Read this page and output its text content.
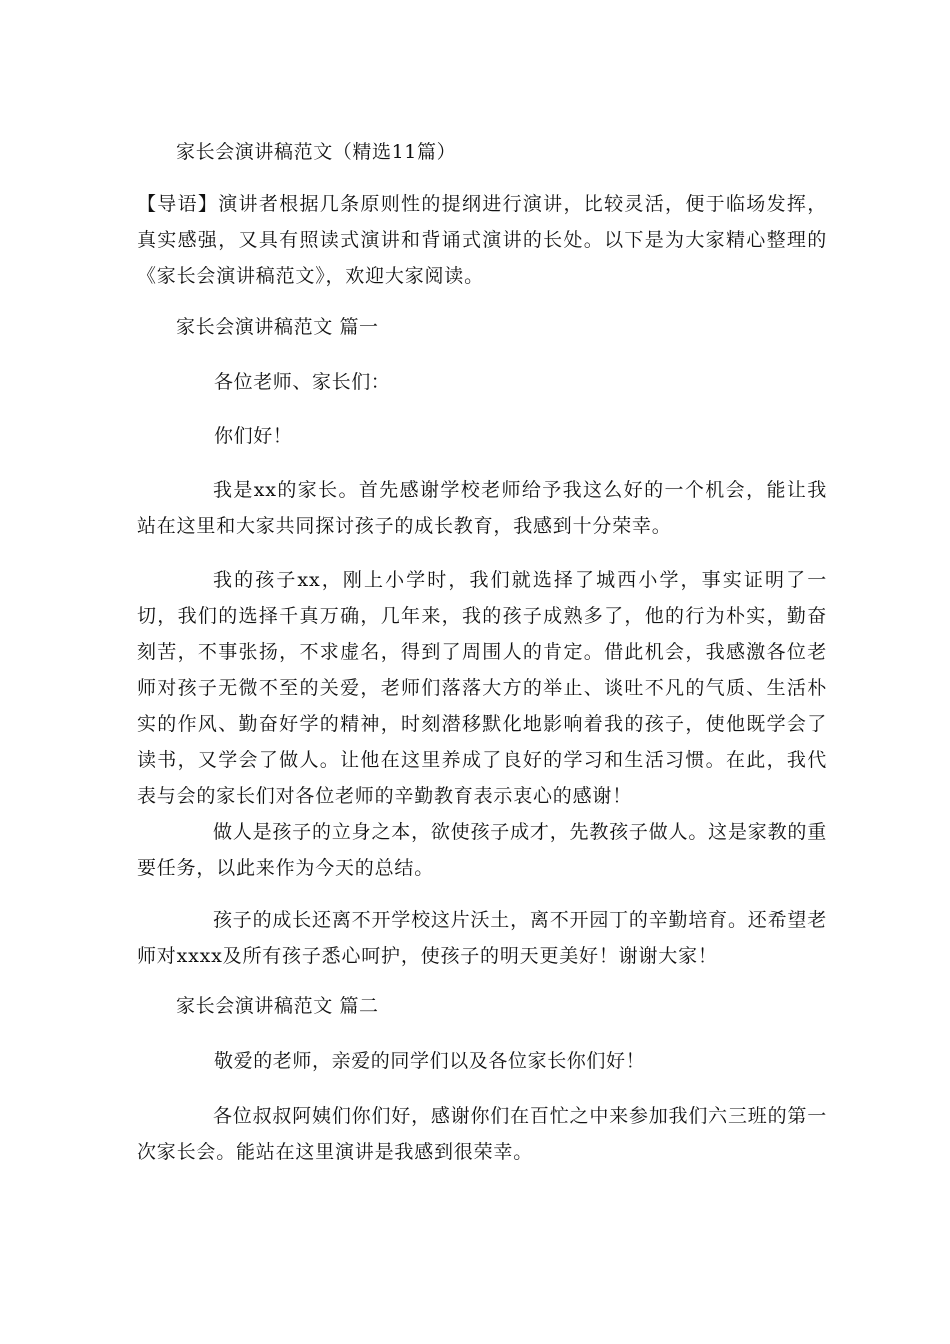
家长会演讲稿范文（精选11篇）
【导语】演讲者根据几条原则性的提纲进行演讲，比较灵活，便于临场发挥，真实感强，又具有照读式演讲和背诵式演讲的长处。以下是为大家精心整理的《家长会演讲稿范文》，欢迎大家阅读。
家长会演讲稿范文 篇一
各位老师、家长们：
你们好！
我是xx的家长。首先感谢学校老师给予我这么好的一个机会，能让我站在这里和大家共同探讨孩子的成长教育，我感到十分荣幸。
我的孩子xx，刚上小学时，我们就选择了城西小学，事实证明了一切，我们的选择千真万确，几年来，我的孩子成熟多了，他的行为朴实，勤奋刻苦，不事张扬，不求虚名，得到了周围人的肯定。借此机会，我感激各位老师对孩子无微不至的关爱，老师们落落大方的举止、谈吐不凡的气质、生活朴实的作风、勤奋好学的精神，时刻潜移默化地影响着我的孩子，使他既学会了读书，又学会了做人。让他在这里养成了良好的学习和生活习惯。在此，我代表与会的家长们对各位老师的辛勤教育表示衷心的感谢！
做人是孩子的立身之本，欲使孩子成才，先教孩子做人。这是家教的重要任务，以此来作为今天的总结。
孩子的成长还离不开学校这片沃土，离不开园丁的辛勤培育。还希望老师对xxxx及所有孩子悉心呵护，使孩子的明天更美好！谢谢大家！
家长会演讲稿范文 篇二
敬爱的老师，亲爱的同学们以及各位家长你们好！
各位叔叔阿姨们你们好，感谢你们在百忙之中来参加我们六三班的第一次家长会。能站在这里演讲是我感到很荣幸。
